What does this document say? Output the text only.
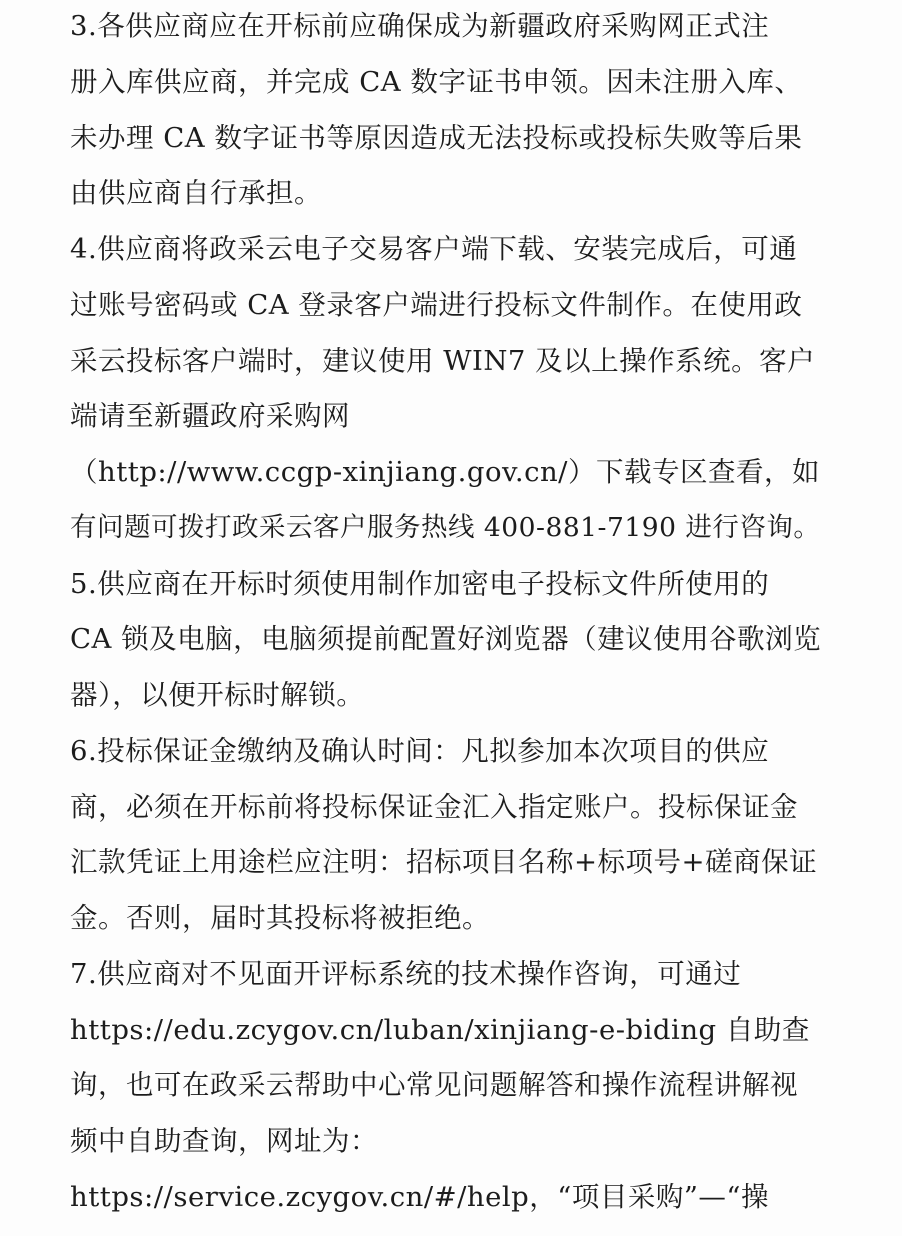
3.各供应商应在开标前应确保成为新疆政府采购网正式注
册入库供应商，并完成 CA 数字证书申领。因未注册入库、
未办理 CA 数字证书等原因造成无法投标或投标失败等后果
由供应商自行承担。
4.供应商将政采云电子交易客户端下载、安装完成后，可通
过账号密码或 CA 登录客户端进行投标文件制作。在使用政
采云投标客户端时，建议使用 WIN7 及以上操作系统。客户
端请至新疆政府采购网
（http://www.ccgp-xinjiang.gov.cn/）下载专区查看，如
有问题可拨打政采云客户服务热线 400-881-7190 进行咨询。
5.供应商在开标时须使用制作加密电子投标文件所使用的
CA 锁及电脑，电脑须提前配置好浏览器（建议使用谷歌浏览
器），以便开标时解锁。
6.投标保证金缴纳及确认时间：凡拟参加本次项目的供应
商，必须在开标前将投标保证金汇入指定账户。投标保证金
汇款凭证上用途栏应注明：招标项目名称+标项号+磋商保证
金。否则，届时其投标将被拒绝。
7.供应商对不见面开评标系统的技术操作咨询，可通过
https://edu.zcygov.cn/luban/xinjiang-e-biding 自助查
询，也可在政采云帮助中心常见问题解答和操作流程讲解视
频中自助查询，网址为：
https://service.zcygov.cn/#/help，“项目采购”—“操
